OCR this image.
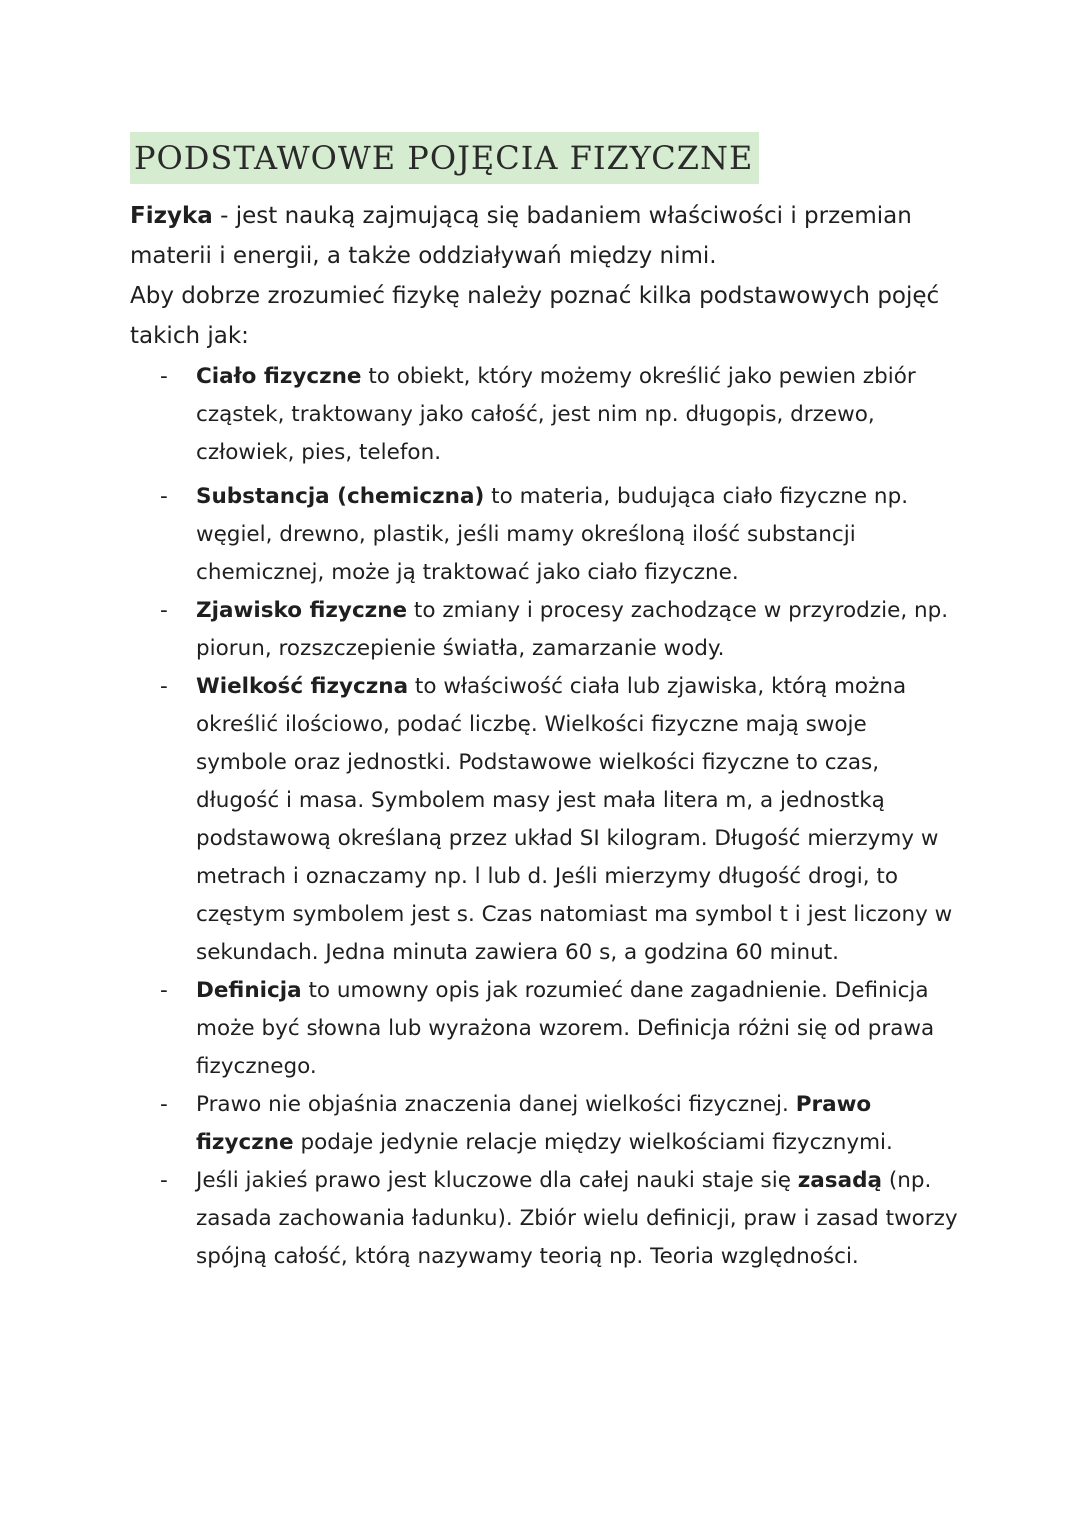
PODSTAWOWE POJĘCIA FIZYCZNE

Fizyka - jest nauką zajmującą się badaniem właściwości i przemian materii i energii, a także oddziaływań między nimi.

Aby dobrze zrozumieć fizykę należy poznać kilka podstawowych pojęć takich jak:

- Ciało fizyczne to obiekt, który możemy określić jako pewien zbiór cząstek, traktowany jako całość, jest nim np. długopis, drzewo, człowiek, pies, telefon.
- Substancja (chemiczna) to materia, budująca ciało fizyczne np. węgiel, drewno, plastik, jeśli mamy określoną ilość substancji chemicznej, może ją traktować jako ciało fizyczne.
- Zjawisko fizyczne to zmiany i procesy zachodzące w przyrodzie, np. piorun, rozszczepienie światła, zamarzanie wody.
- Wielkość fizyczna to właściwość ciała lub zjawiska, którą można określić ilościowo, podać liczbę. Wielkości fizyczne mają swoje symbole oraz jednostki. Podstawowe wielkości fizyczne to czas, długość i masa. Symbolem masy jest mała litera m, a jednostką podstawową określaną przez układ SI kilogram. Długość mierzymy w metrach i oznaczamy np. l lub d. Jeśli mierzymy długość drogi, to częstym symbolem jest s. Czas natomiast ma symbol t i jest liczony w sekundach. Jedna minuta zawiera 60 s, a godzina 60 minut.
- Definicja to umowny opis jak rozumieć dane zagadnienie. Definicja może być słowna lub wyrażona wzorem. Definicja różni się od prawa fizycznego.
- Prawo nie objaśnia znaczenia danej wielkości fizycznej. Prawo fizyczne podaje jedynie relacje między wielkościami fizycznymi.
- Jeśli jakieś prawo jest kluczowe dla całej nauki staje się zasadą (np. zasada zachowania ładunku). Zbiór wielu definicji, praw i zasad tworzy spójną całość, którą nazywamy teorią np. Teoria względności.
